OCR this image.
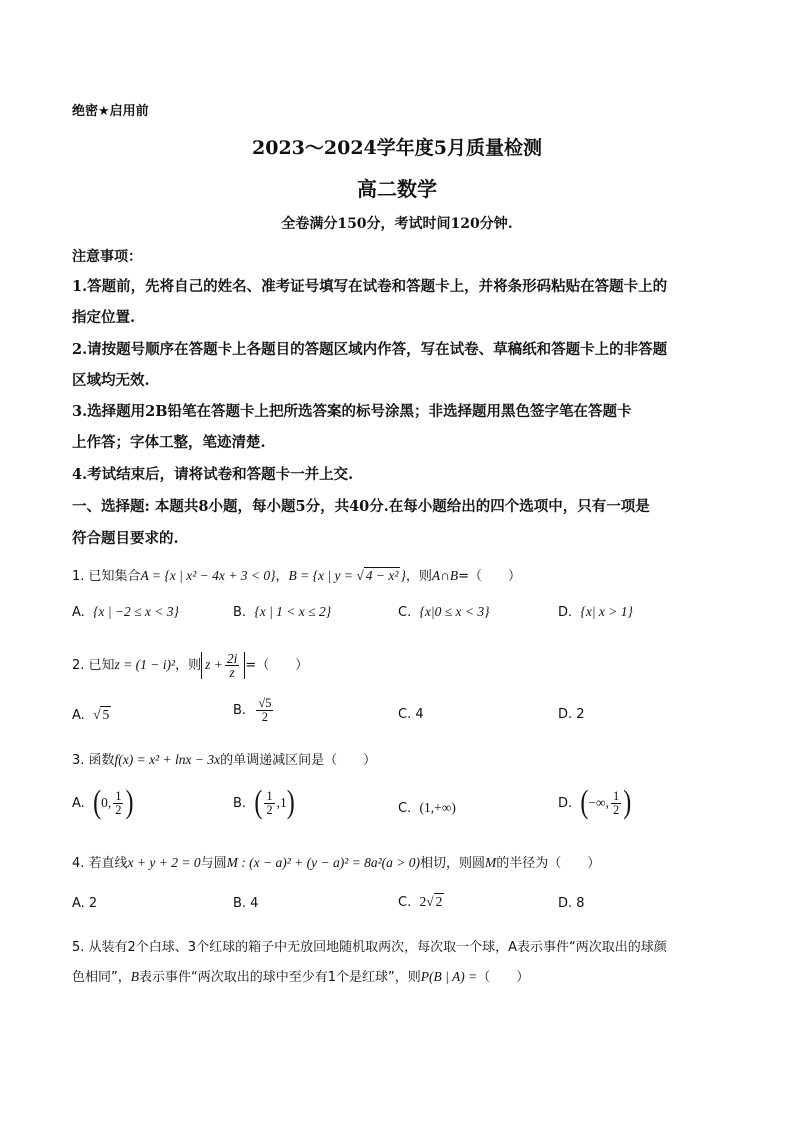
绝密★启用前
2023～2024学年度5月质量检测
高二数学
全卷满分150分，考试时间120分钟.
注意事项：
1.答题前，先将自己的姓名、准考证号填写在试卷和答题卡上，并将条形码粘贴在答题卡上的
指定位置.
2.请按题号顺序在答题卡上各题目的答题区域内作答，写在试卷、草稿纸和答题卡上的非答题
区域均无效.
3.选择题用2B铅笔在答题卡上把所选答案的标号涂黑；非选择题用黑色签字笔在答题卡
上作答；字体工整，笔迹清楚.
4.考试结束后，请将试卷和答题卡一并上交.
一、选择题: 本题共8小题，每小题5分，共40分.在每小题给出的四个选项中，只有一项是
符合题目要求的.
1. 已知集合A = {x | x² − 4x + 3 < 0}，B = {x | y = √ 4 − x² }，则A∩B=（　　）
A. {x | −2 ≤ x < 3}	B. {x | 1 < x ≤ 2}	C. {x|0 ≤ x < 3}	D. {x| x > 1}
2. 已知z = (1 − i)²，则 $z + \frac{2i}{z}$ =（　　）
A. √ 5	B. $\frac{√5}{2}$	C. 4	D. 2
3. 函数f(x) = x² + lnx − 3x的单调递减区间是（　　）
A. (0, $\frac{1}{2}$ )	B. ( $\frac{1}{2} ,1$)	C. (1,+∞)	D. (−∞, $\frac{1}{2}$ )
4. 若直线x + y + 2 = 0与圆M : (x − a)² + (y − a)² = 8a²(a > 0)相切，则圆M的半径为（　　）
A. 2	B. 4	C. 2√ 2	D. 8
5. 从装有2个白球、3个红球的箱子中无放回地随机取两次，每次取一个球，A表示事件“两次取出的球颜
色相同”，B表示事件“两次取出的球中至少有1个是红球”，则P(B | A) =（　　）
